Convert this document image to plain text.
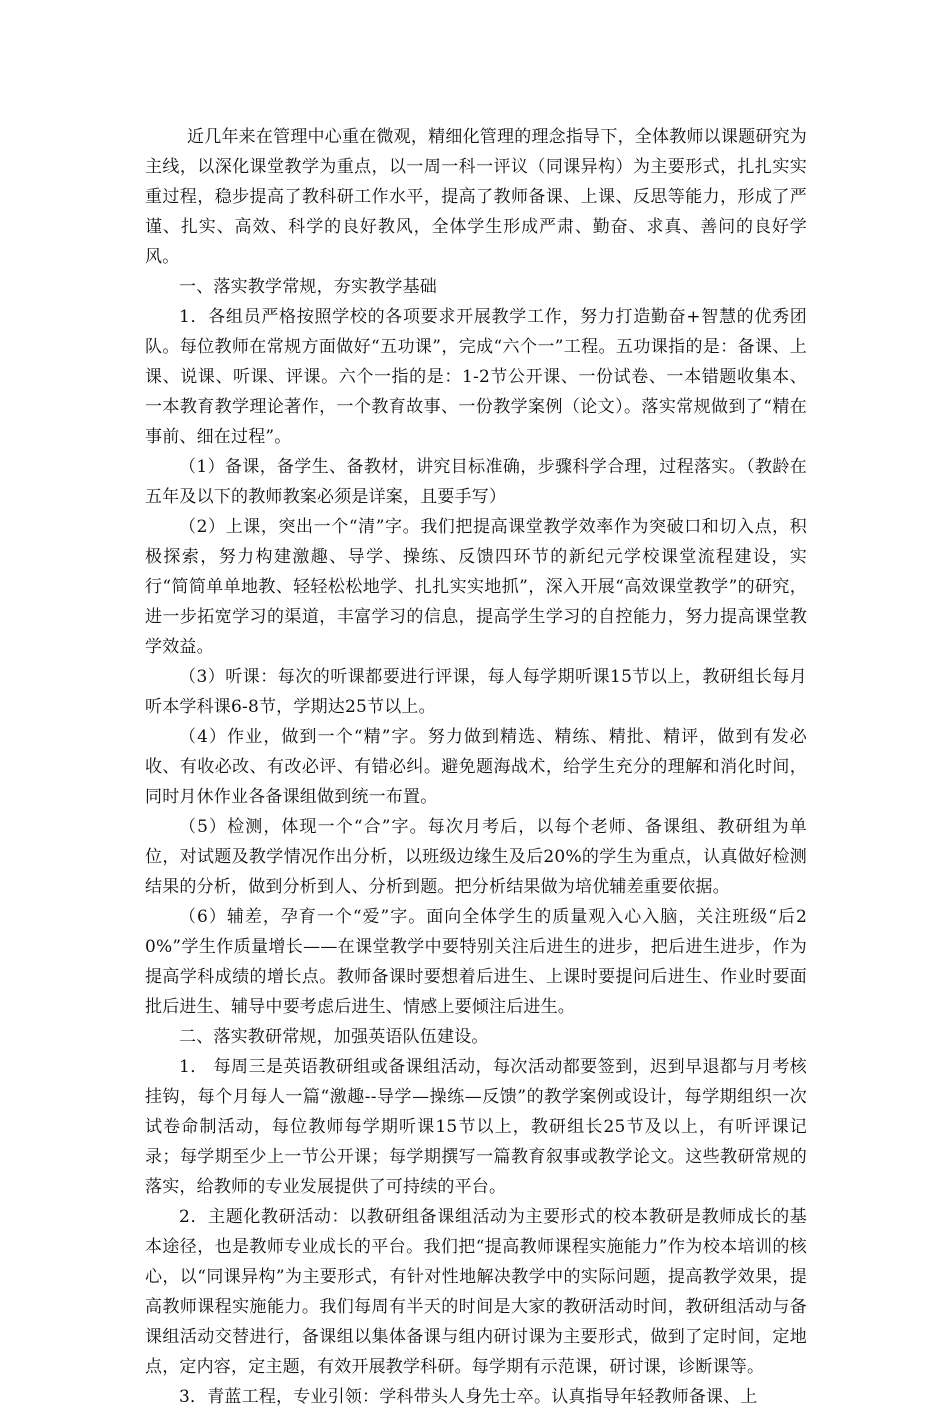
近几年来在管理中心重在微观，精细化管理的理念指导下，全体教师以课题研究为主线，以深化课堂教学为重点，以一周一科一评议（同课异构）为主要形式，扎扎实实重过程，稳步提高了教科研工作水平，提高了教师备课、上课、反思等能力，形成了严谨、扎实、高效、科学的良好教风，全体学生形成严肃、勤奋、求真、善问的良好学风。

一、落实教学常规，夯实教学基础

1．各组员严格按照学校的各项要求开展教学工作，努力打造勤奋+智慧的优秀团队。每位教师在常规方面做好“五功课”，完成“六个一”工程。五功课指的是：备课、上课、说课、听课、评课。六个一指的是：1-2节公开课、一份试卷、一本错题收集本、一本教育教学理论著作，一个教育故事、一份教学案例（论文）。落实常规做到了“精在事前、细在过程”。

（1）备课，备学生、备教材，讲究目标准确，步骤科学合理，过程落实。（教龄在五年及以下的教师教案必须是详案，且要手写）

（2）上课，突出一个“清”字。我们把提高课堂教学效率作为突破口和切入点，积极探索，努力构建激趣、导学、操练、反馈四环节的新纪元学校课堂流程建设，实行“简简单单地教、轻轻松松地学、扎扎实实地抓”，深入开展“高效课堂教学”的研究，进一步拓宽学习的渠道，丰富学习的信息，提高学生学习的自控能力，努力提高课堂教学效益。

（3）听课：每次的听课都要进行评课，每人每学期听课15节以上，教研组长每月听本学科课6-8节，学期达25节以上。

（4）作业，做到一个“精”字。努力做到精选、精练、精批、精评，做到有发必收、有收必改、有改必评、有错必纠。避免题海战术，给学生充分的理解和消化时间，同时月休作业各备课组做到统一布置。

（5）检测，体现一个“合”字。每次月考后，以每个老师、备课组、教研组为单位，对试题及教学情况作出分析，以班级边缘生及后20%的学生为重点，认真做好检测结果的分析，做到分析到人、分析到题。把分析结果做为培优辅差重要依据。

（6）辅差，孕育一个“爱”字。面向全体学生的质量观入心入脑，关注班级“后20%”学生作质量增长——在课堂教学中要特别关注后进生的进步，把后进生进步，作为提高学科成绩的增长点。教师备课时要想着后进生、上课时要提问后进生、作业时要面批后进生、辅导中要考虑后进生、情感上要倾注后进生。

二、落实教研常规，加强英语队伍建设。

1． 每周三是英语教研组或备课组活动，每次活动都要签到，迟到早退都与月考核挂钩，每个月每人一篇“激趣--导学—操练—反馈”的教学案例或设计，每学期组织一次试卷命制活动，每位教师每学期听课15节以上，教研组长25节及以上，有听评课记录；每学期至少上一节公开课；每学期撰写一篇教育叙事或教学论文。这些教研常规的落实，给教师的专业发展提供了可持续的平台。

2．主题化教研活动：以教研组备课组活动为主要形式的校本教研是教师成长的基本途径，也是教师专业成长的平台。我们把“提高教师课程实施能力”作为校本培训的核心，以“同课异构”为主要形式，有针对性地解决教学中的实际问题，提高教学效果，提高教师课程实施能力。我们每周有半天的时间是大家的教研活动时间，教研组活动与备课组活动交替进行，备课组以集体备课与组内研讨课为主要形式，做到了定时间，定地点，定内容，定主题，有效开展教学科研。每学期有示范课，研讨课，诊断课等。

3．青蓝工程，专业引领：学科带头人身先士卒。认真指导年轻教师备课、上
